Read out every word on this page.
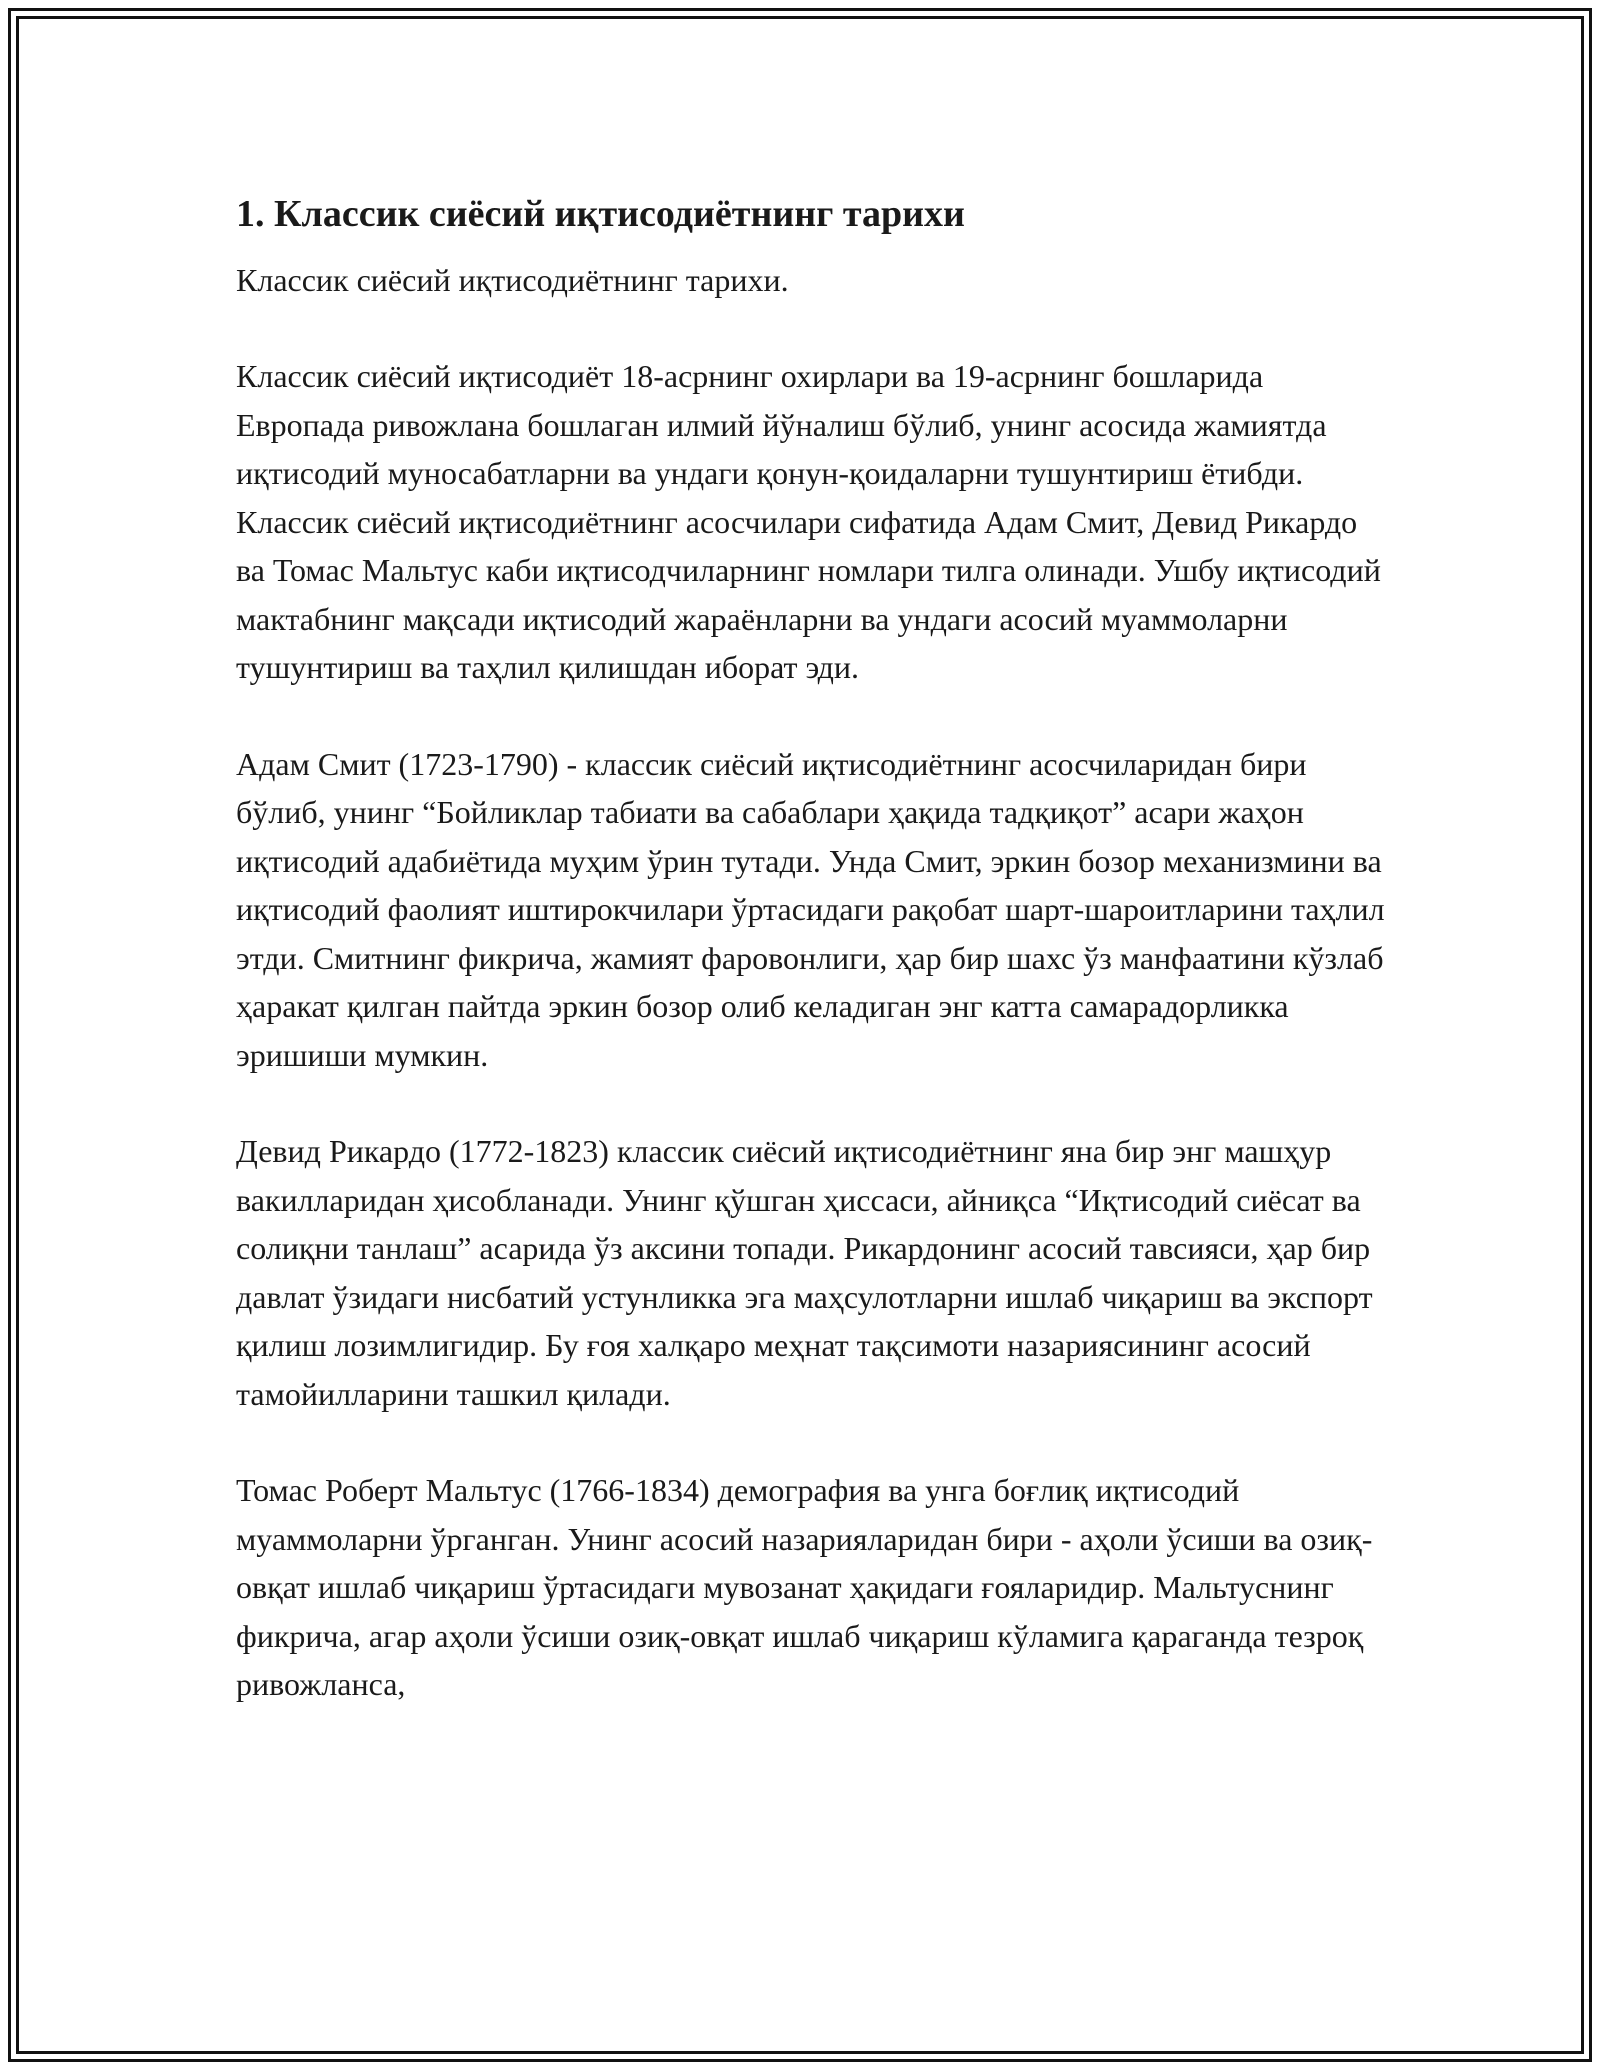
1. Классик сиёсий иқтисодиётнинг тарихи

Классик сиёсий иқтисодиётнинг тарихи.

Классик сиёсий иқтисодиёт 18-асрнинг охирлари ва 19-асрнинг бошларида Европада ривожлана бошлаган илмий йўналиш бўлиб, унинг асосида жамиятда иқтисодий муносабатларни ва ундаги қонун-қоидаларни тушунтириш ётибди. Классик сиёсий иқтисодиётнинг асосчилари сифатида Адам Смит, Девид Рикардо ва Томас Мальтус каби иқтисодчиларнинг номлари тилга олинади. Ушбу иқтисодий мактабнинг мақсади иқтисодий жараёнларни ва ундаги асосий муаммоларни тушунтириш ва таҳлил қилишдан иборат эди.

Адам Смит (1723-1790) - классик сиёсий иқтисодиётнинг асосчиларидан бири бўлиб, унинг “Бойликлар табиати ва сабаблари ҳақида тадқиқот” асари жаҳон иқтисодий адабиётида муҳим ўрин тутади. Унда Смит, эркин бозор механизмини ва иқтисодий фаолият иштирокчилари ўртасидаги рақобат шарт-шароитларини таҳлил этди. Смитнинг фикрича, жамият фаровонлиги, ҳар бир шахс ўз манфаатини кўзлаб ҳаракат қилган пайтда эркин бозор олиб келадиган энг катта самарадорликка эришиши мумкин.

Девид Рикардо (1772-1823) классик сиёсий иқтисодиётнинг яна бир энг машҳур вакилларидан ҳисобланади. Унинг қўшган ҳиссаси, айниқса “Иқтисодий сиёсат ва солиқни танлаш” асарида ўз аксини топади. Рикардонинг асосий тавсияси, ҳар бир давлат ўзидаги нисбатий устунликка эга маҳсулотларни ишлаб чиқариш ва экспорт қилиш лозимлигидир. Бу ғоя халқаро меҳнат тақсимоти назариясининг асосий тамойилларини ташкил қилади.

Томас Роберт Мальтус (1766-1834) демография ва унга боғлиқ иқтисодий муаммоларни ўрганган. Унинг асосий назарияларидан бири - аҳоли ўсиши ва озиқ-овқат ишлаб чиқариш ўртасидаги мувозанат ҳақидаги ғояларидир. Мальтуснинг фикрича, агар аҳоли ўсиши озиқ-овқат ишлаб чиқариш кўламига қараганда тезроқ ривожланса,
